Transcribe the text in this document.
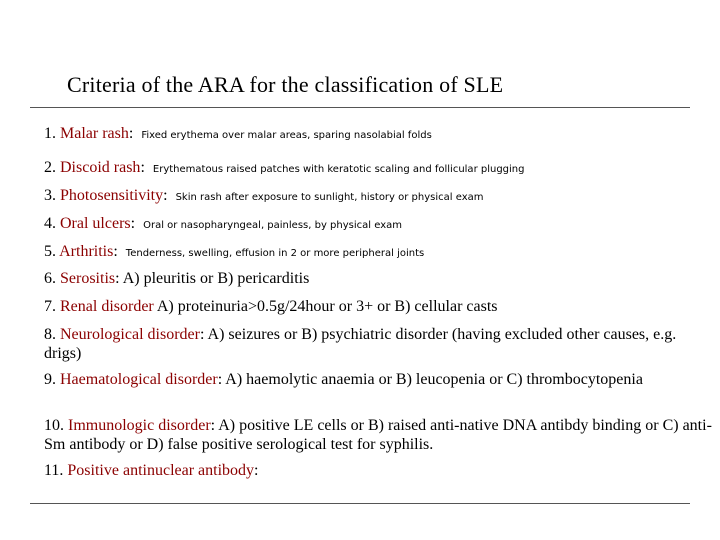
Criteria of the ARA for the classification of SLE
1. Malar rash: Fixed erythema over malar areas, sparing nasolabial folds
2. Discoid rash: Erythematous raised patches with keratotic scaling and follicular plugging
3. Photosensitivity: Skin rash after exposure to sunlight, history or physical exam
4. Oral ulcers: Oral or nasopharyngeal, painless, by physical exam
5. Arthritis: Tenderness, swelling, effusion in 2 or more peripheral joints
6. Serositis: A) pleuritis or B) pericarditis
7. Renal disorder A) proteinuria>0.5g/24hour or 3+ or B) cellular casts
8. Neurological disorder: A) seizures or B) psychiatric disorder (having excluded other causes, e.g. drigs)
9. Haematological disorder: A) haemolytic anaemia or B) leucopenia or C) thrombocytopenia
10. Immunologic disorder: A) positive LE cells or B) raised anti-native DNA antibdy binding or C) anti-Sm antibody or D) false positive serological test for syphilis.
11. Positive antinuclear antibody:
